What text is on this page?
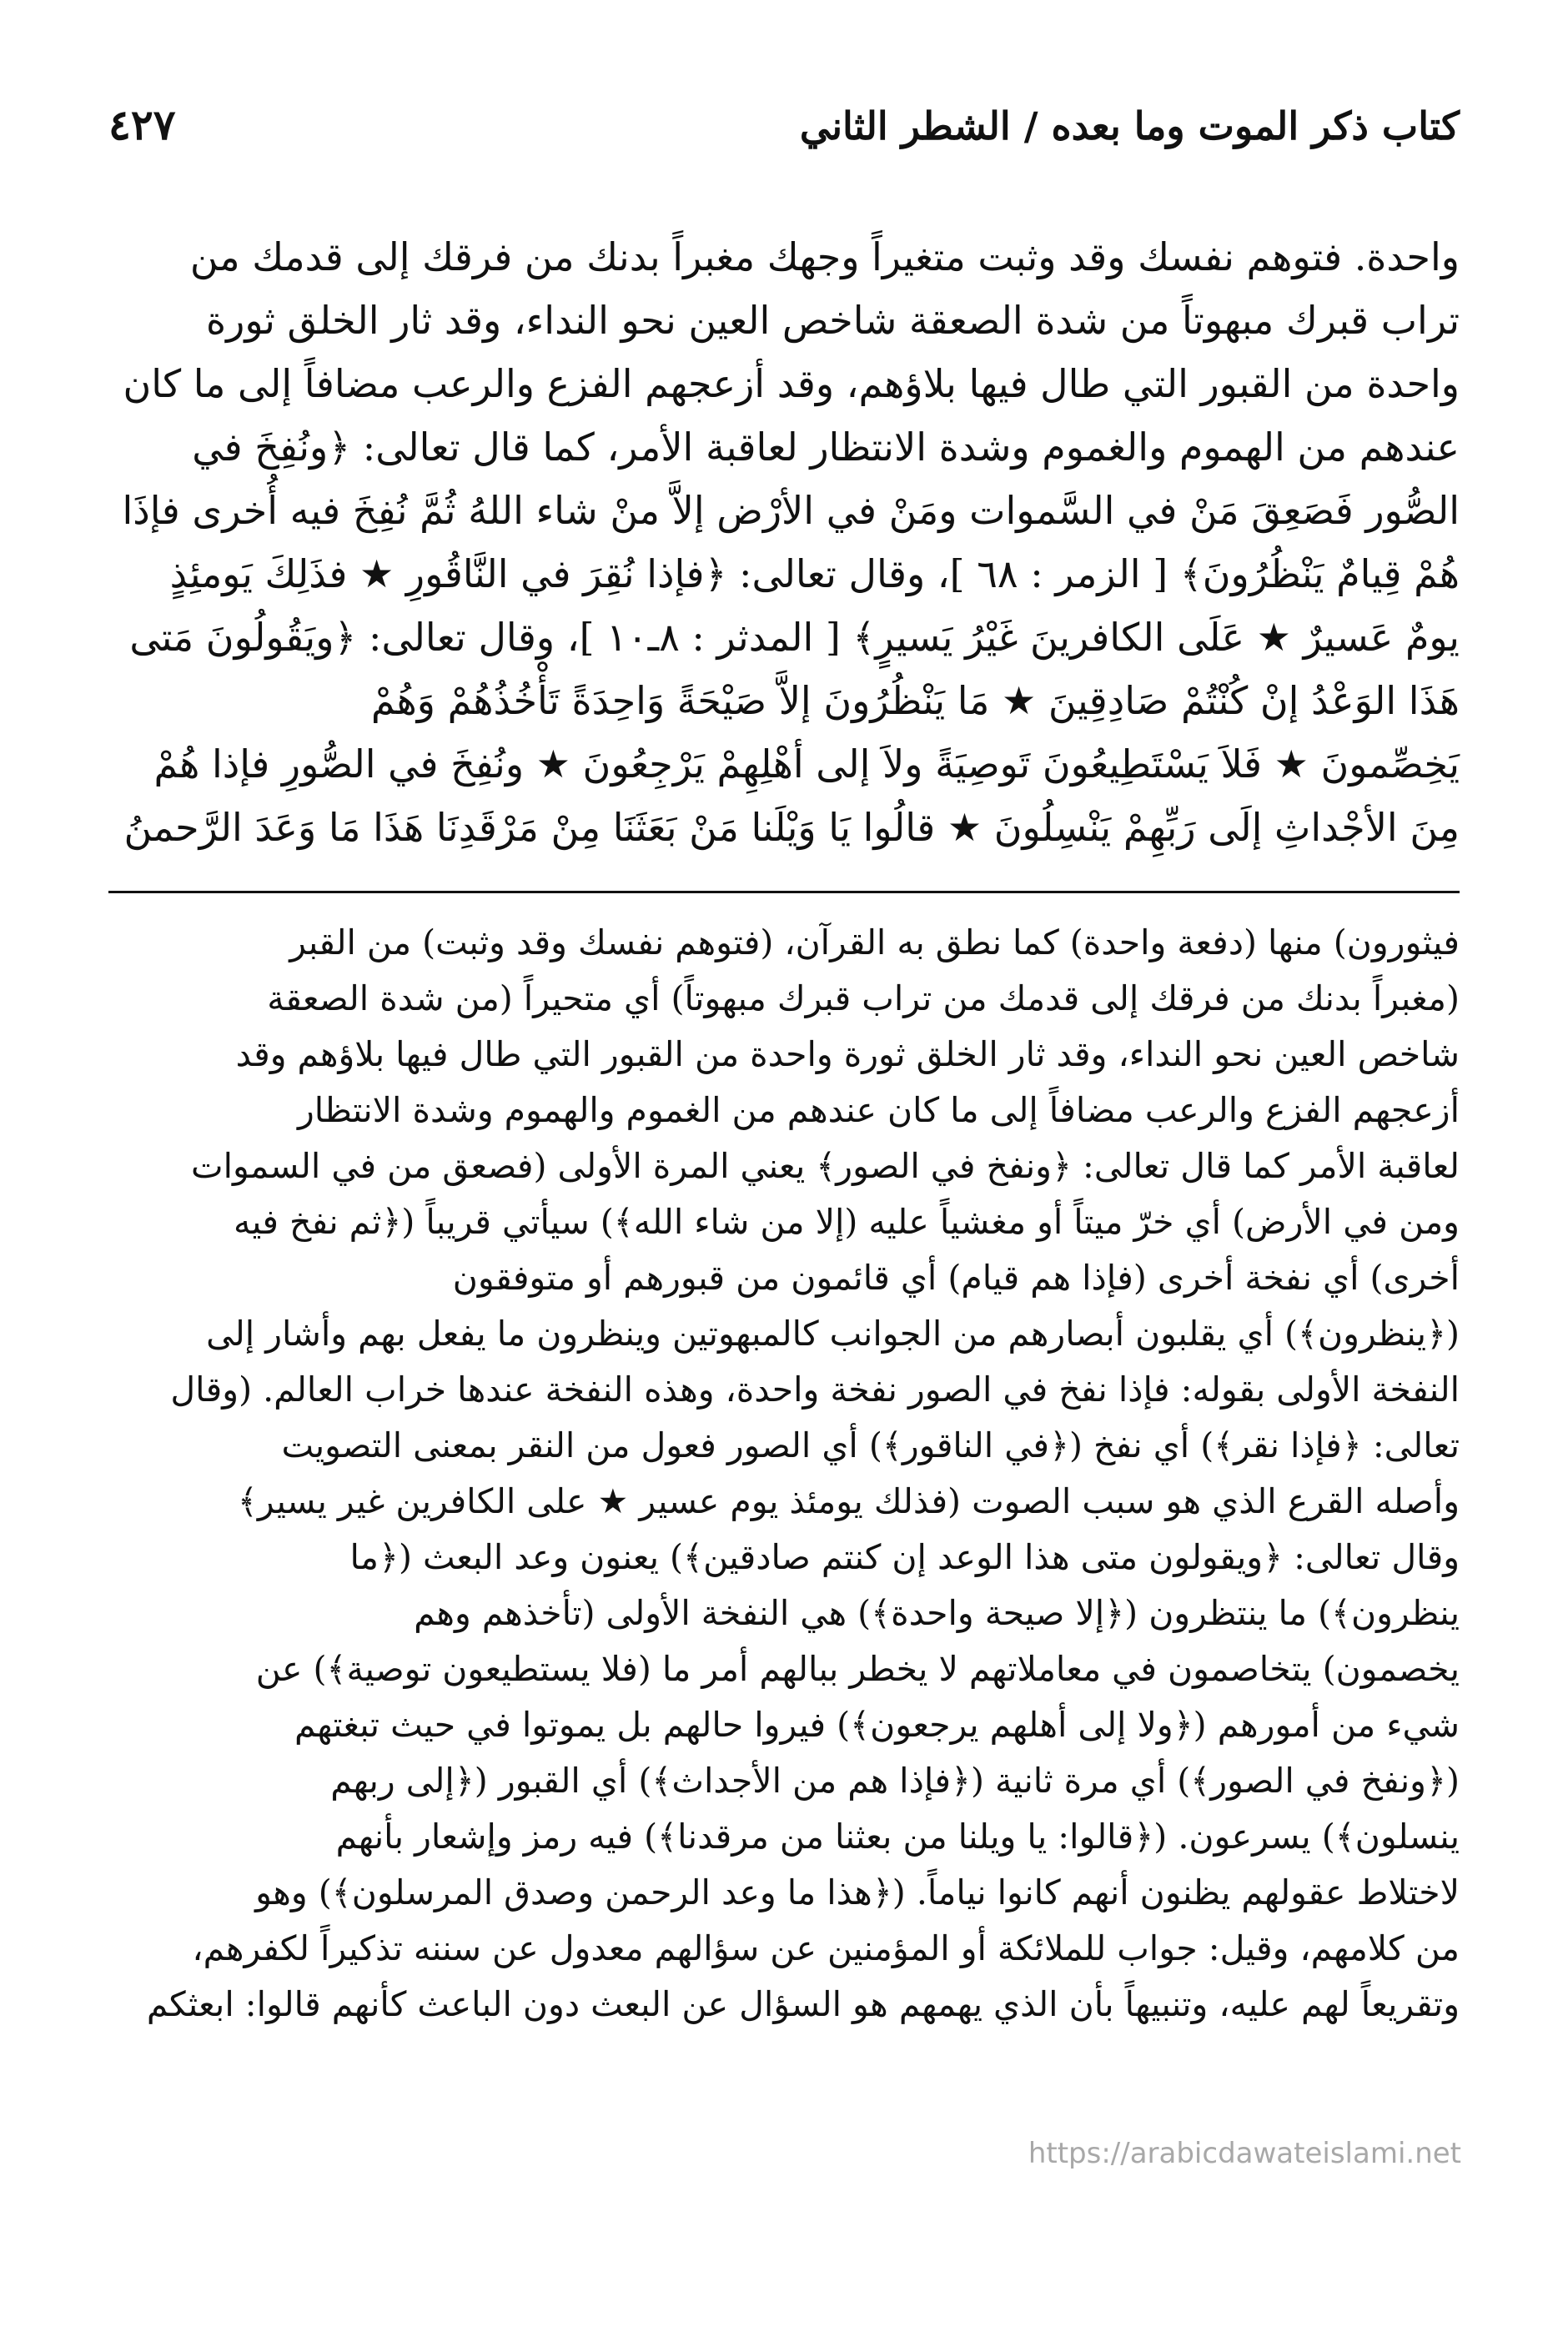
كتاب ذكر الموت وما بعده / الشطر الثاني
٤٢٧

واحدة. فتوهم نفسك وقد وثبت متغيراً وجهك مغبراً بدنك من فرقك إلى قدمك من

تراب قبرك مبهوتاً من شدة الصعقة شاخص العين نحو النداء، وقد ثار الخلق ثورة

واحدة من القبور التي طال فيها بلاؤهم، وقد أزعجهم الفزع والرعب مضافاً إلى ما كان

عندهم من الهموم والغموم وشدة الانتظار لعاقبة الأمر، كما قال تعالى: ﴿ونُفِخَ في

الصُّور فَصَعِقَ مَنْ في السَّموات ومَنْ في الأرْض إلاَّ منْ شاء اللهُ ثُمَّ نُفِخَ فيه أُخرى فإذَا

هُمْ قِيامٌ يَنْظُرُونَ﴾ [ الزمر : ٦٨ ]، وقال تعالى: ﴿فإذا نُقِرَ في النَّاقُورِ ★ فذَلِكَ يَومئِذٍ

يومٌ عَسيرٌ ★ عَلَى الكافرينَ غَيْرُ يَسيرٍ﴾ [ المدثر : ٨ـ١٠ ]، وقال تعالى: ﴿ويَقُولُونَ مَتى

هَذَا الوَعْدُ إنْ كُنْتُمْ صَادِقِينَ ★ مَا يَنْظُرُونَ إلاَّ صَيْحَةً وَاحِدَةً تَأْخُذُهُمْ وَهُمْ

يَخِصِّمونَ ★ فَلاَ يَسْتَطِيعُونَ تَوصِيَةً ولاَ إلى أهْلِهِمْ يَرْجِعُونَ ★ ونُفِخَ في الصُّورِ فإذا هُمْ

مِنَ الأجْداثِ إلَى رَبِّهِمْ يَنْسِلُونَ ★ قالُوا يَا وَيْلَنا مَنْ بَعَثَنَا مِنْ مَرْقَدِنَا هَذَا مَا وَعَدَ الرَّحمنُ

فيثورون) منها (دفعة واحدة) كما نطق به القرآن، (فتوهم نفسك وقد وثبت) من القبر

(مغبراً بدنك من فرقك إلى قدمك من تراب قبرك مبهوتاً) أي متحيراً (من شدة الصعقة

شاخص العين نحو النداء، وقد ثار الخلق ثورة واحدة من القبور التي طال فيها بلاؤهم وقد

أزعجهم الفزع والرعب مضافاً إلى ما كان عندهم من الغموم والهموم وشدة الانتظار

لعاقبة الأمر كما قال تعالى: ﴿ونفخ في الصور﴾ يعني المرة الأولى (فصعق من في السموات

ومن في الأرض) أي خرّ ميتاً أو مغشياً عليه (إلا من شاء الله﴾) سيأتي قريباً (﴿ثم نفخ فيه

أخرى) أي نفخة أخرى (فإذا هم قيام) أي قائمون من قبورهم أو متوفقون

(﴿ينظرون﴾) أي يقلبون أبصارهم من الجوانب كالمبهوتين وينظرون ما يفعل بهم وأشار إلى

النفخة الأولى بقوله: فإذا نفخ في الصور نفخة واحدة، وهذه النفخة عندها خراب العالم. (وقال

تعالى: ﴿فإذا نقر﴾) أي نفخ (﴿في الناقور﴾) أي الصور فعول من النقر بمعنى التصويت

وأصله القرع الذي هو سبب الصوت (فذلك يومئذ يوم عسير ★ على الكافرين غير يسير﴾

وقال تعالى: ﴿ويقولون متى هذا الوعد إن كنتم صادقين﴾) يعنون وعد البعث (﴿ما

ينظرون﴾) ما ينتظرون (﴿إلا صيحة واحدة﴾) هي النفخة الأولى (تأخذهم وهم

يخصمون) يتخاصمون في معاملاتهم لا يخطر ببالهم أمر ما (فلا يستطيعون توصية﴾) عن

شيء من أمورهم (﴿ولا إلى أهلهم يرجعون﴾) فيروا حالهم بل يموتوا في حيث تبغتهم

(﴿ونفخ في الصور﴾) أي مرة ثانية (﴿فإذا هم من الأجداث﴾) أي القبور (﴿إلى ربهم

ينسلون﴾) يسرعون. (﴿قالوا: يا ويلنا من بعثنا من مرقدنا﴾) فيه رمز وإشعار بأنهم

لاختلاط عقولهم يظنون أنهم كانوا نياماً. (﴿هذا ما وعد الرحمن وصدق المرسلون﴾) وهو

من كلامهم، وقيل: جواب للملائكة أو المؤمنين عن سؤالهم معدول عن سننه تذكيراً لكفرهم،

وتقريعاً لهم عليه، وتنبيهاً بأن الذي يهمهم هو السؤال عن البعث دون الباعث كأنهم قالوا: ابعثكم

https://arabicdawateislami.net
